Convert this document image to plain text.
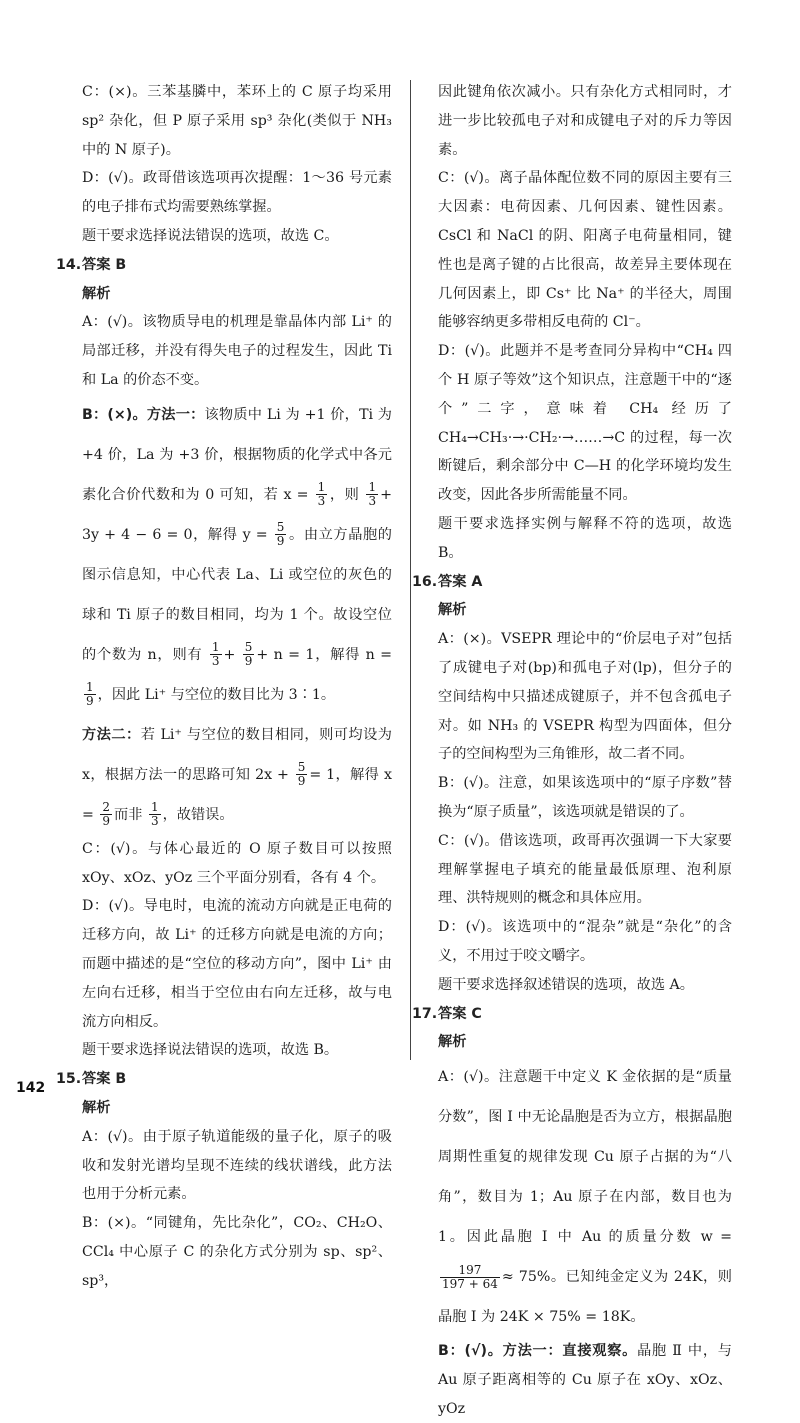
C：(×)。三苯基膦中，苯环上的 C 原子均采用 sp² 杂化，但 P 原子采用 sp³ 杂化(类似于 NH₃ 中的 N 原子)。

D：(√)。政哥借该选项再次提醒：1～36 号元素的电子排布式均需要熟练掌握。

题干要求选择说法错误的选项，故选 C。

14.答案 B

解析

A：(√)。该物质导电的机理是靠晶体内部 Li⁺ 的局部迁移，并没有得失电子的过程发生，因此 Ti 和 La 的价态不变。

B：(×)。方法一：该物质中 Li 为 +1 价，Ti 为 +4 价，La 为 +3 价，根据物质的化学式中各元素化合价代数和为 0 可知，若 $x = \frac{1}{3}$ ，则 $\frac{1}{3} + 3y + 4 - 6 = 0$，解得 $y = \frac{5}{9}$ 。由立方晶胞的图示信息知，中心代表 La、Li 或空位的灰色的球和 Ti 原子的数目相同，均为 1 个。故设空位的个数为 n，则有 $\frac{1}{3} + \frac{5}{9} + n = 1$，解得 n =
$\frac{1}{9}$ ，因此 Li⁺ 与空位的数目比为 3∶1。

方法二：若 Li⁺ 与空位的数目相同，则可均设为 x，根据方法一的思路可知 $2x + \frac{5}{9} = 1$，解得 $x = \frac{2}{9}$ 而非 $\frac{1}{3}$ ，故错误。

C：(√)。与体心最近的 O 原子数目可以按照 xOy、xOz、yOz 三个平面分别看，各有 4 个。

D：(√)。导电时，电流的流动方向就是正电荷的迁移方向，故 Li⁺ 的迁移方向就是电流的方向；而题中描述的是“空位的移动方向”，图中 Li⁺ 由左向右迁移，相当于空位由右向左迁移，故与电流方向相反。

题干要求选择说法错误的选项，故选 B。

15.答案 B

解析

A：(√)。由于原子轨道能级的量子化，原子的吸收和发射光谱均呈现不连续的线状谱线，此方法也用于分析元素。

B：(×)。“同键角，先比杂化”，CO₂、CH₂O、CCl₄ 中心原子 C 的杂化方式分别为 sp、sp²、sp³，

因此键角依次减小。只有杂化方式相同时，才进一步比较孤电子对和成键电子对的斥力等因素。

C：(√)。离子晶体配位数不同的原因主要有三大因素：电荷因素、几何因素、键性因素。CsCl 和 NaCl 的阴、阳离子电荷量相同，键性也是离子键的占比很高，故差异主要体现在几何因素上，即 Cs⁺ 比 Na⁺ 的半径大，周围能够容纳更多带相反电荷的 Cl⁻。

D：(√)。此题并不是考查同分异构中“CH₄ 四个 H 原子等效”这个知识点，注意题干中的“逐个”二字，意味着 CH₄ 经历了 CH₄→CH₃·→·CH₂·→……→C 的过程，每一次断键后，剩余部分中 C—H 的化学环境均发生改变，因此各步所需能量不同。

题干要求选择实例与解释不符的选项，故选 B。

16.答案 A

解析

A：(×)。VSEPR 理论中的“价层电子对”包括了成键电子对(bp)和孤电子对(lp)，但分子的空间结构中只描述成键原子，并不包含孤电子对。如 NH₃ 的 VSEPR 构型为四面体，但分子的空间构型为三角锥形，故二者不同。

B：(√)。注意，如果该选项中的“原子序数”替换为“原子质量”，该选项就是错误的了。

C：(√)。借该选项，政哥再次强调一下大家要理解掌握电子填充的能量最低原理、泡利原理、洪特规则的概念和具体应用。

D：(√)。该选项中的“混杂”就是“杂化”的含义，不用过于咬文嚼字。

题干要求选择叙述错误的选项，故选 A。

17.答案 C

解析

A：(√)。注意题干中定义 K 金依据的是“质量分数”，图 Ⅰ 中无论晶胞是否为立方，根据晶胞周期性重复的规律发现 Cu 原子占据的为“八角”，数目为 1；Au 原子在内部，数目也为 1。因此晶胞 Ⅰ 中 Au 的质量分数 w =
$\frac{197}{197 + 64} \approx 75\%$。已知纯金定义为 24K，则晶胞 Ⅰ 为 24K × 75% = 18K。

B：(√)。方法一：直接观察。晶胞 Ⅱ 中，与 Au 原子距离相等的 Cu 原子在 xOy、xOz、yOz

142
